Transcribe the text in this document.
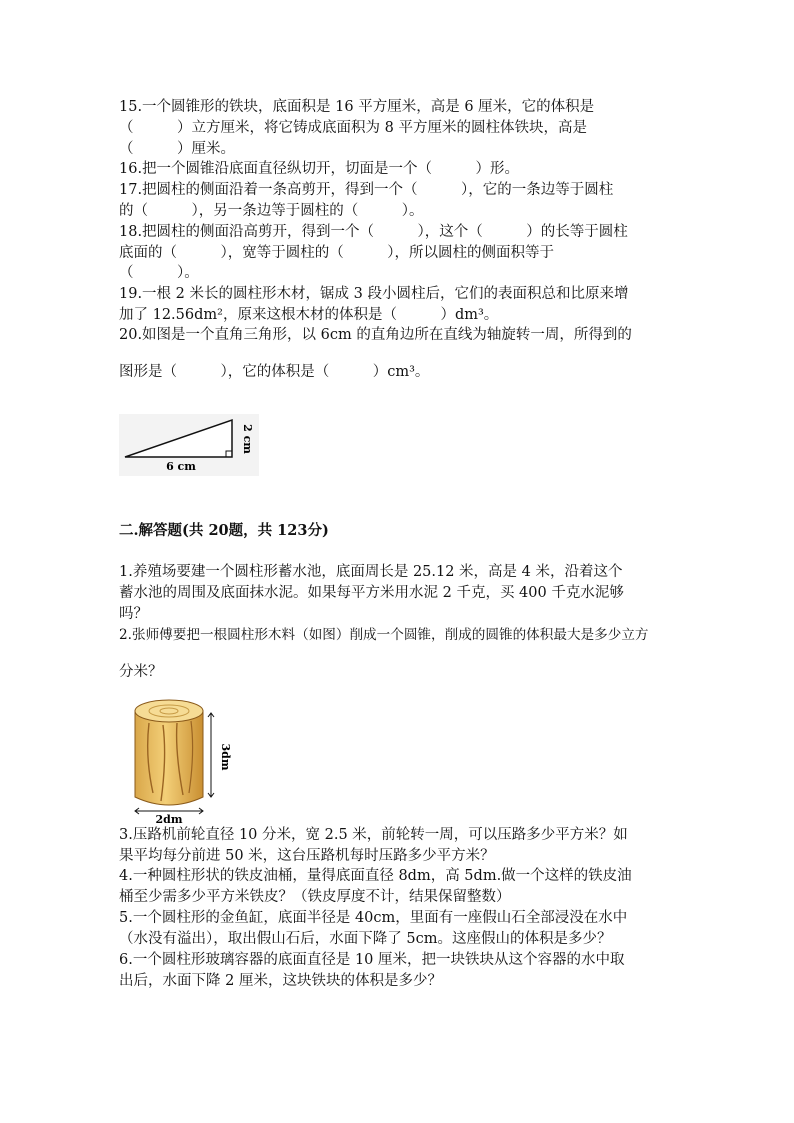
15.一个圆锥形的铁块，底面积是 16 平方厘米，高是 6 厘米，它的体积是
（　　　）立方厘米，将它铸成底面积为 8 平方厘米的圆柱体铁块，高是
（　　　）厘米。
16.把一个圆锥沿底面直径纵切开，切面是一个（　　　）形。
17.把圆柱的侧面沿着一条高剪开，得到一个（　　　），它的一条边等于圆柱
的（　　　），另一条边等于圆柱的（　　　）。
18.把圆柱的侧面沿高剪开，得到一个（　　　），这个（　　　）的长等于圆柱
底面的（　　　），宽等于圆柱的（　　　），所以圆柱的侧面积等于
（　　　）。
19.一根 2 米长的圆柱形木材，锯成 3 段小圆柱后，它们的表面积总和比原来增
加了 12.56dm²，原来这根木材的体积是（　　　）dm³。
20.如图是一个直角三角形，以 6cm 的直角边所在直线为轴旋转一周，所得到的
图形是（　　　），它的体积是（　　　）cm³。
6 cm
2 cm
二.解答题(共 20题，共 123分)
1.养殖场要建一个圆柱形蓄水池，底面周长是 25.12 米，高是 4 米，沿着这个
蓄水池的周围及底面抹水泥。如果每平方米用水泥 2 千克，买 400 千克水泥够
吗？
2.张师傅要把一根圆柱形木料（如图）削成一个圆锥，削成的圆锥的体积最大是多少立方
分米？
3dm
2dm
3.压路机前轮直径 10 分米，宽 2.5 米，前轮转一周，可以压路多少平方米？如
果平均每分前进 50 米，这台压路机每时压路多少平方米？
4.一种圆柱形状的铁皮油桶，量得底面直径 8dm，高 5dm.做一个这样的铁皮油
桶至少需多少平方米铁皮？（铁皮厚度不计，结果保留整数）
5.一个圆柱形的金鱼缸，底面半径是 40cm，里面有一座假山石全部浸没在水中
（水没有溢出），取出假山石后，水面下降了 5cm。这座假山的体积是多少？
6.一个圆柱形玻璃容器的底面直径是 10 厘米，把一块铁块从这个容器的水中取
出后，水面下降 2 厘米，这块铁块的体积是多少？
